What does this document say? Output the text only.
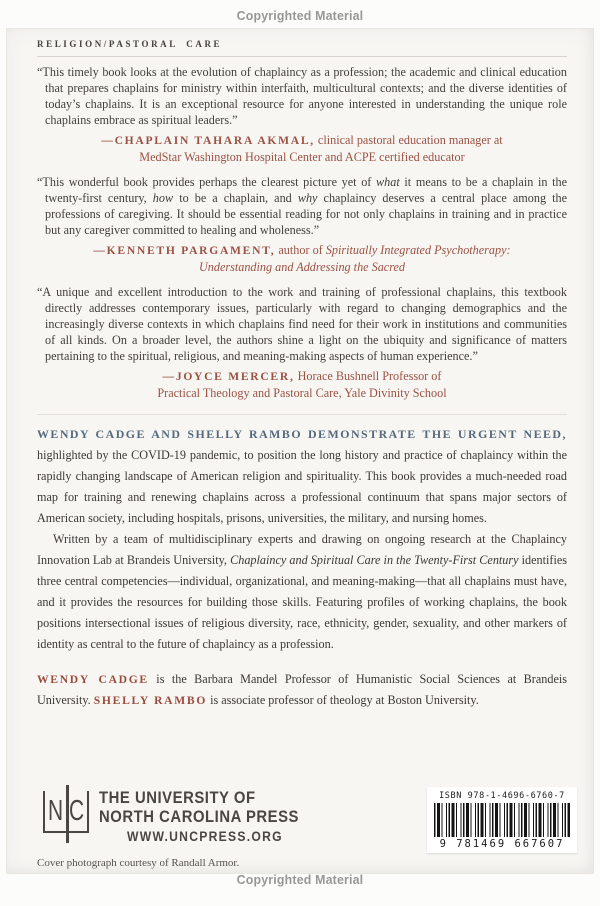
Copyrighted Material
RELIGION/PASTORAL CARE

“This timely book looks at the evolution of chaplaincy as a profession; the academic and clinical education that prepares chaplains for ministry within interfaith, multicultural contexts; and the diverse identities of today’s chaplains. It is an exceptional resource for anyone interested in understanding the unique role chaplains embrace as spiritual leaders.”

—CHAPLAIN TAHARA AKMAL, clinical pastoral education manager at
MedStar Washington Hospital Center and ACPE certified educator

“This wonderful book provides perhaps the clearest picture yet of what it means to be a chaplain in the twenty-first century, how to be a chaplain, and why chaplaincy deserves a central place among the professions of caregiving. It should be essential reading for not only chaplains in training and in practice but any caregiver committed to healing and wholeness.”

—KENNETH PARGAMENT, author of Spiritually Integrated Psychotherapy:
Understanding and Addressing the Sacred

“A unique and excellent introduction to the work and training of professional chaplains, this textbook directly addresses contemporary issues, particularly with regard to changing demographics and the increasingly diverse contexts in which chaplains find need for their work in institutions and communities of all kinds. On a broader level, the authors shine a light on the ubiquity and significance of matters pertaining to the spiritual, religious, and meaning-making aspects of human experience.”

—JOYCE MERCER, Horace Bushnell Professor of
Practical Theology and Pastoral Care, Yale Divinity School

WENDY CADGE AND SHELLY RAMBO DEMONSTRATE THE URGENT NEED, highlighted by the COVID-19 pandemic, to position the long history and practice of chaplaincy within the rapidly changing landscape of American religion and spirituality. This book provides a much-needed road map for training and renewing chaplains across a professional continuum that spans major sectors of American society, including hospitals, prisons, universities, the military, and nursing homes.

Written by a team of multidisciplinary experts and drawing on ongoing research at the Chaplaincy Innovation Lab at Brandeis University, Chaplaincy and Spiritual Care in the Twenty-First Century identifies three central competencies—individual, organizational, and meaning-making—that all chaplains must have, and it provides the resources for building those skills. Featuring profiles of working chaplains, the book positions intersectional issues of religious diversity, race, ethnicity, gender, sexuality, and other markers of identity as central to the future of chaplaincy as a profession.

WENDY CADGE is the Barbara Mandel Professor of Humanistic Social Sciences at Brandeis University. SHELLY RAMBO is associate professor of theology at Boston University.

N C THE UNIVERSITY OF
NORTH CAROLINA PRESS
WWW.UNCPRESS.ORG
ISBN 978-1-4696-6760-7
9 781469 667607
Cover photograph courtesy of Randall Armor.
Copyrighted Material
